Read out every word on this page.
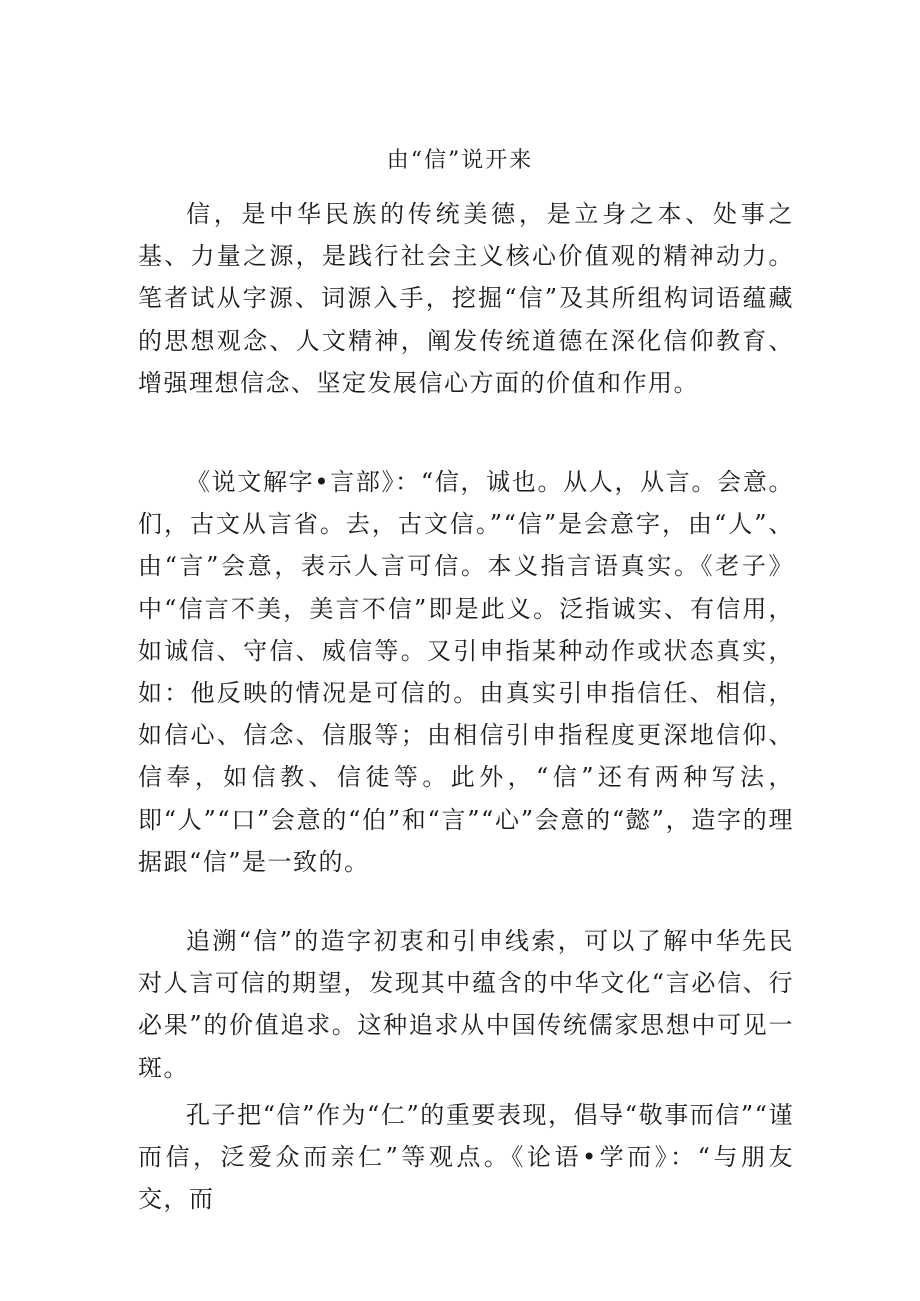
由“信”说开来

信，是中华民族的传统美德，是立身之本、处事之基、力量之源，是践行社会主义核心价值观的精神动力。笔者试从字源、词源入手，挖掘“信”及其所组构词语蕴藏的思想观念、人文精神，阐发传统道德在深化信仰教育、增强理想信念、坚定发展信心方面的价值和作用。

《说文解字•言部》：“信，诚也。从人，从言。会意。们，古文从言省。去，古文信。”“信”是会意字，由“人”、由“言”会意，表示人言可信。本义指言语真实。《老子》中“信言不美，美言不信”即是此义。泛指诚实、有信用，如诚信、守信、威信等。又引申指某种动作或状态真实，如：他反映的情况是可信的。由真实引申指信任、相信，如信心、信念、信服等；由相信引申指程度更深地信仰、信奉，如信教、信徒等。此外，“信”还有两种写法，即“人”“口”会意的“伯”和“言”“心”会意的“懿”，造字的理据跟“信”是一致的。

追溯“信”的造字初衷和引申线索，可以了解中华先民对人言可信的期望，发现其中蕴含的中华文化“言必信、行必果”的价值追求。这种追求从中国传统儒家思想中可见一斑。

孔子把“信”作为“仁”的重要表现，倡导“敬事而信”“谨而信，泛爱众而亲仁”等观点。《论语•学而》：“与朋友交，而
